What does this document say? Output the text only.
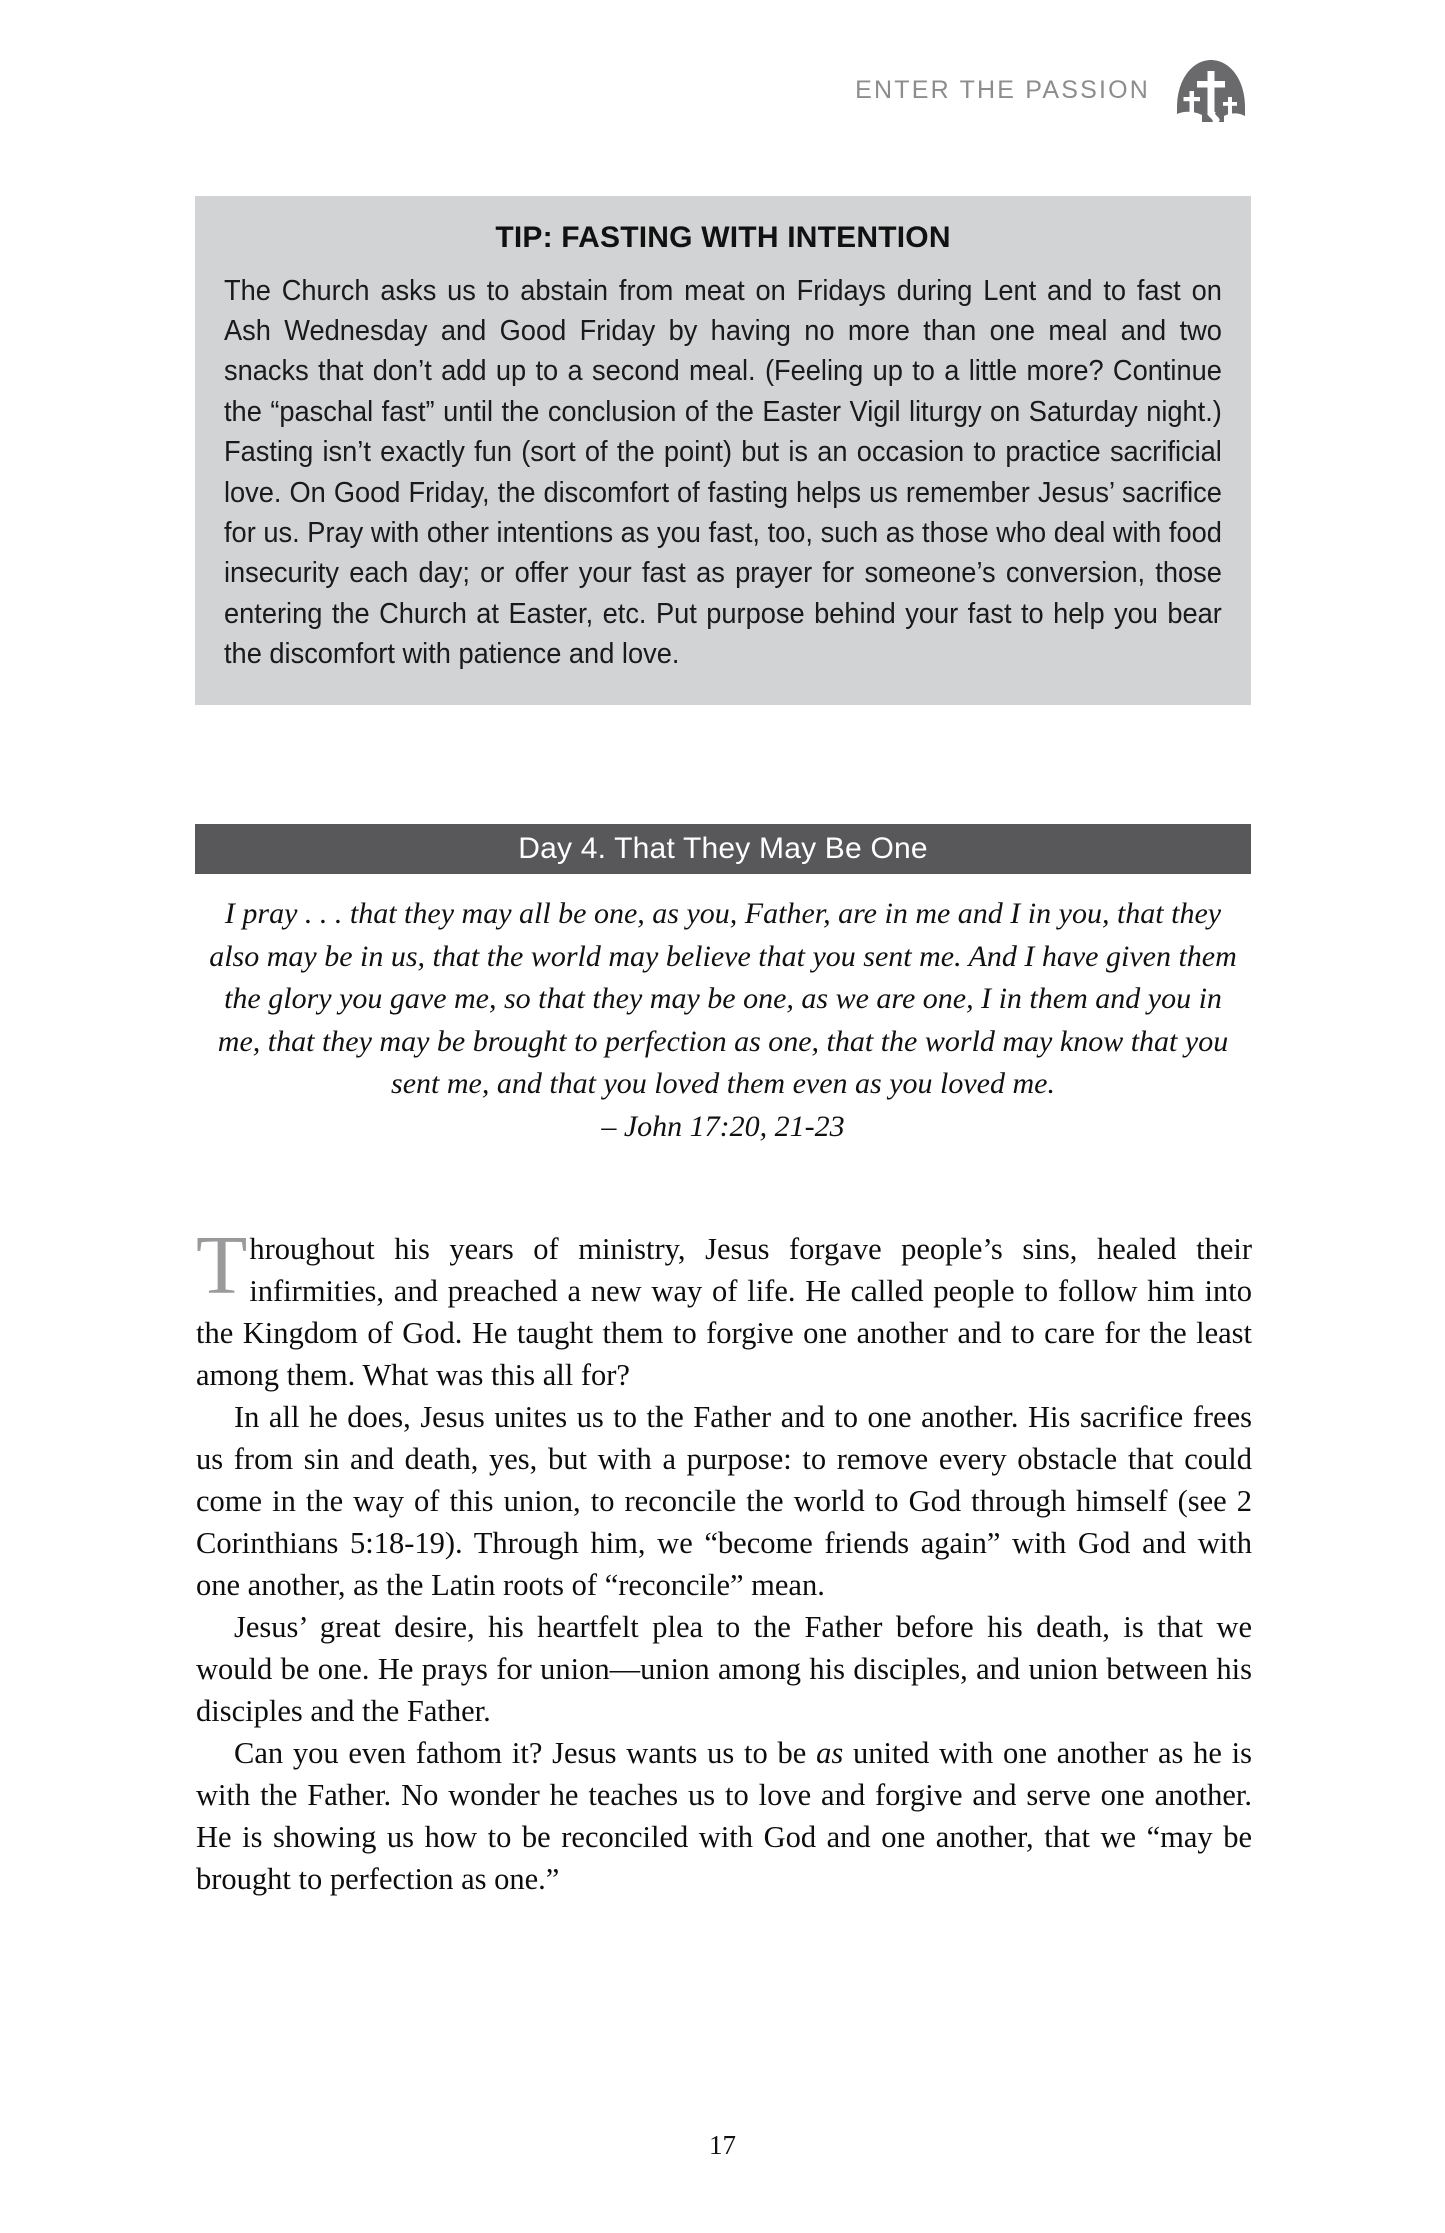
ENTER THE PASSION
TIP: FASTING WITH INTENTION

The Church asks us to abstain from meat on Fridays during Lent and to fast on Ash Wednesday and Good Friday by having no more than one meal and two snacks that don’t add up to a second meal. (Feeling up to a little more? Continue the “paschal fast” until the conclusion of the Easter Vigil liturgy on Saturday night.) Fasting isn’t exactly fun (sort of the point) but is an occasion to practice sacrificial love. On Good Friday, the discomfort of fasting helps us remember Jesus’ sacrifice for us. Pray with other intentions as you fast, too, such as those who deal with food insecurity each day; or offer your fast as prayer for someone’s conversion, those entering the Church at Easter, etc. Put purpose behind your fast to help you bear the discomfort with patience and love.

Day 4. That They May Be One
I pray . . . that they may all be one, as you, Father, are in me and I in you, that they also may be in us, that the world may believe that you sent me. And I have given them the glory you gave me, so that they may be one, as we are one, I in them and you in me, that they may be brought to perfection as one, that the world may know that you sent me, and that you loved them even as you loved me.
– John 17:20, 21-23

Throughout his years of ministry, Jesus forgave people’s sins, healed their infirmities, and preached a new way of life. He called people to follow him into the Kingdom of God. He taught them to forgive one another and to care for the least among them. What was this all for?

In all he does, Jesus unites us to the Father and to one another. His sacrifice frees us from sin and death, yes, but with a purpose: to remove every obstacle that could come in the way of this union, to reconcile the world to God through himself (see 2 Corinthians 5:18-19). Through him, we “become friends again” with God and with one another, as the Latin roots of “reconcile” mean.

Jesus’ great desire, his heartfelt plea to the Father before his death, is that we would be one. He prays for union—union among his disciples, and union between his disciples and the Father.

Can you even fathom it? Jesus wants us to be as united with one another as he is with the Father. No wonder he teaches us to love and forgive and serve one another. He is showing us how to be reconciled with God and one another, that we “may be brought to perfection as one.”

17
